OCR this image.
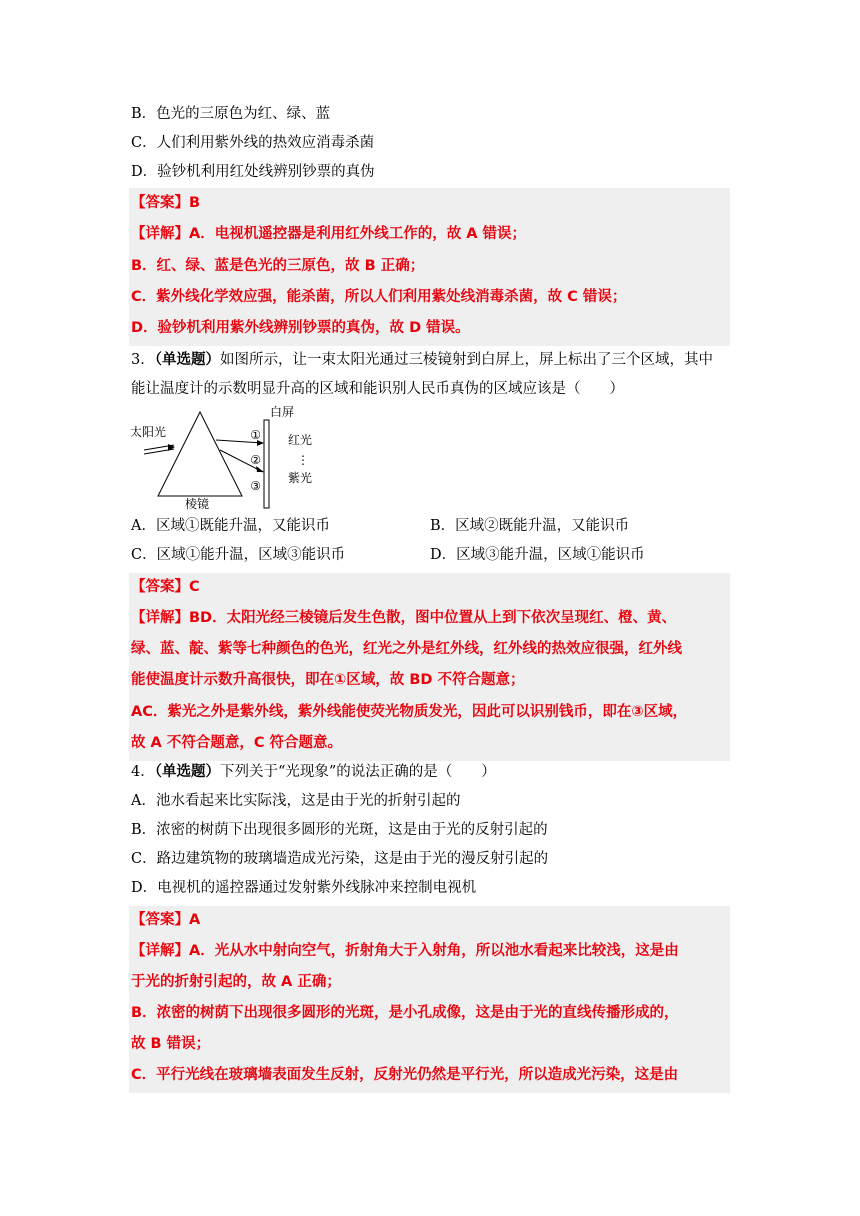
B．色光的三原色为红、绿、蓝
C．人们利用紫外线的热效应消毒杀菌
D．验钞机利用红处线辨别钞票的真伪
【答案】B
【详解】A．电视机遥控器是利用红外线工作的，故 A 错误；
B．红、绿、蓝是色光的三原色，故 B 正确；
C．紫外线化学效应强，能杀菌，所以人们利用紫处线消毒杀菌，故 C 错误；
D．验钞机利用紫外线辨别钞票的真伪，故 D 错误。
3．（单选题）如图所示，让一束太阳光通过三棱镜射到白屏上，屏上标出了三个区域，其中
能让温度计的示数明显升高的区域和能识别人民币真伪的区域应该是（　　）
太阳光
棱镜
白屏
①
②
③
红光
⋮
紫光
A．区域①既能升温，又能识币	B．区域②既能升温，又能识币
C．区域①能升温，区域③能识币	D．区域③能升温，区域①能识币
【答案】C
【详解】BD．太阳光经三棱镜后发生色散，图中位置从上到下依次呈现红、橙、黄、
绿、蓝、靛、紫等七种颜色的色光，红光之外是红外线，红外线的热效应很强，红外线
能使温度计示数升高很快，即在①区域，故 BD 不符合题意；
AC．紫光之外是紫外线，紫外线能使荧光物质发光，因此可以识别钱币，即在③区域，
故 A 不符合题意，C 符合题意。
4．（单选题）下列关于“光现象”的说法正确的是（　　）
A．池水看起来比实际浅，这是由于光的折射引起的
B．浓密的树荫下出现很多圆形的光斑，这是由于光的反射引起的
C．路边建筑物的玻璃墙造成光污染，这是由于光的漫反射引起的
D．电视机的遥控器通过发射紫外线脉冲来控制电视机
【答案】A
【详解】A．光从水中射向空气，折射角大于入射角，所以池水看起来比较浅，这是由
于光的折射引起的，故 A 正确；
B．浓密的树荫下出现很多圆形的光斑，是小孔成像，这是由于光的直线传播形成的，
故 B 错误；
C．平行光线在玻璃墙表面发生反射，反射光仍然是平行光，所以造成光污染，这是由
